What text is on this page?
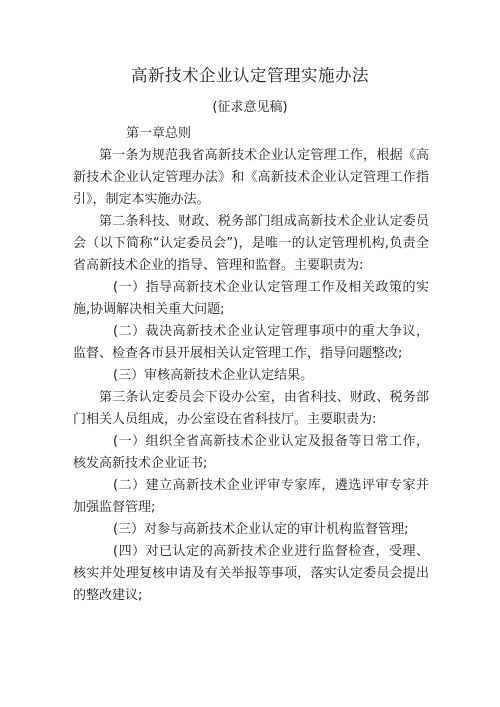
高新技术企业认定管理实施办法
(征求意见稿)

第一章总则

第一条为规范我省高新技术企业认定管理工作，根据《高新技术企业认定管理办法》和《高新技术企业认定管理工作指引》，制定本实施办法。

第二条科技、财政、税务部门组成高新技术企业认定委员会（以下简称“认定委员会”)，是唯一的认定管理机构,负责全省高新技术企业的指导、管理和监督。主要职责为:

(一）指导高新技术企业认定管理工作及相关政策的实施,协调解决相关重大问题;

(二）裁决高新技术企业认定管理事项中的重大争议，监督、检查各市县开展相关认定管理工作，指导问题整改;

(三）审核高新技术企业认定结果。

第三条认定委员会下设办公室，由省科技、财政、税务部门相关人员组成，办公室设在省科技厅。主要职责为:

(一）组织全省高新技术企业认定及报备等日常工作，核发高新技术企业证书;

(二）建立高新技术企业评审专家库，遴选评审专家并加强监督管理;

(三）对参与高新技术企业认定的审计机构监督管理;

(四）对已认定的高新技术企业进行监督检查，受理、核实并处理复核申请及有关举报等事项，落实认定委员会提出的整改建议;
